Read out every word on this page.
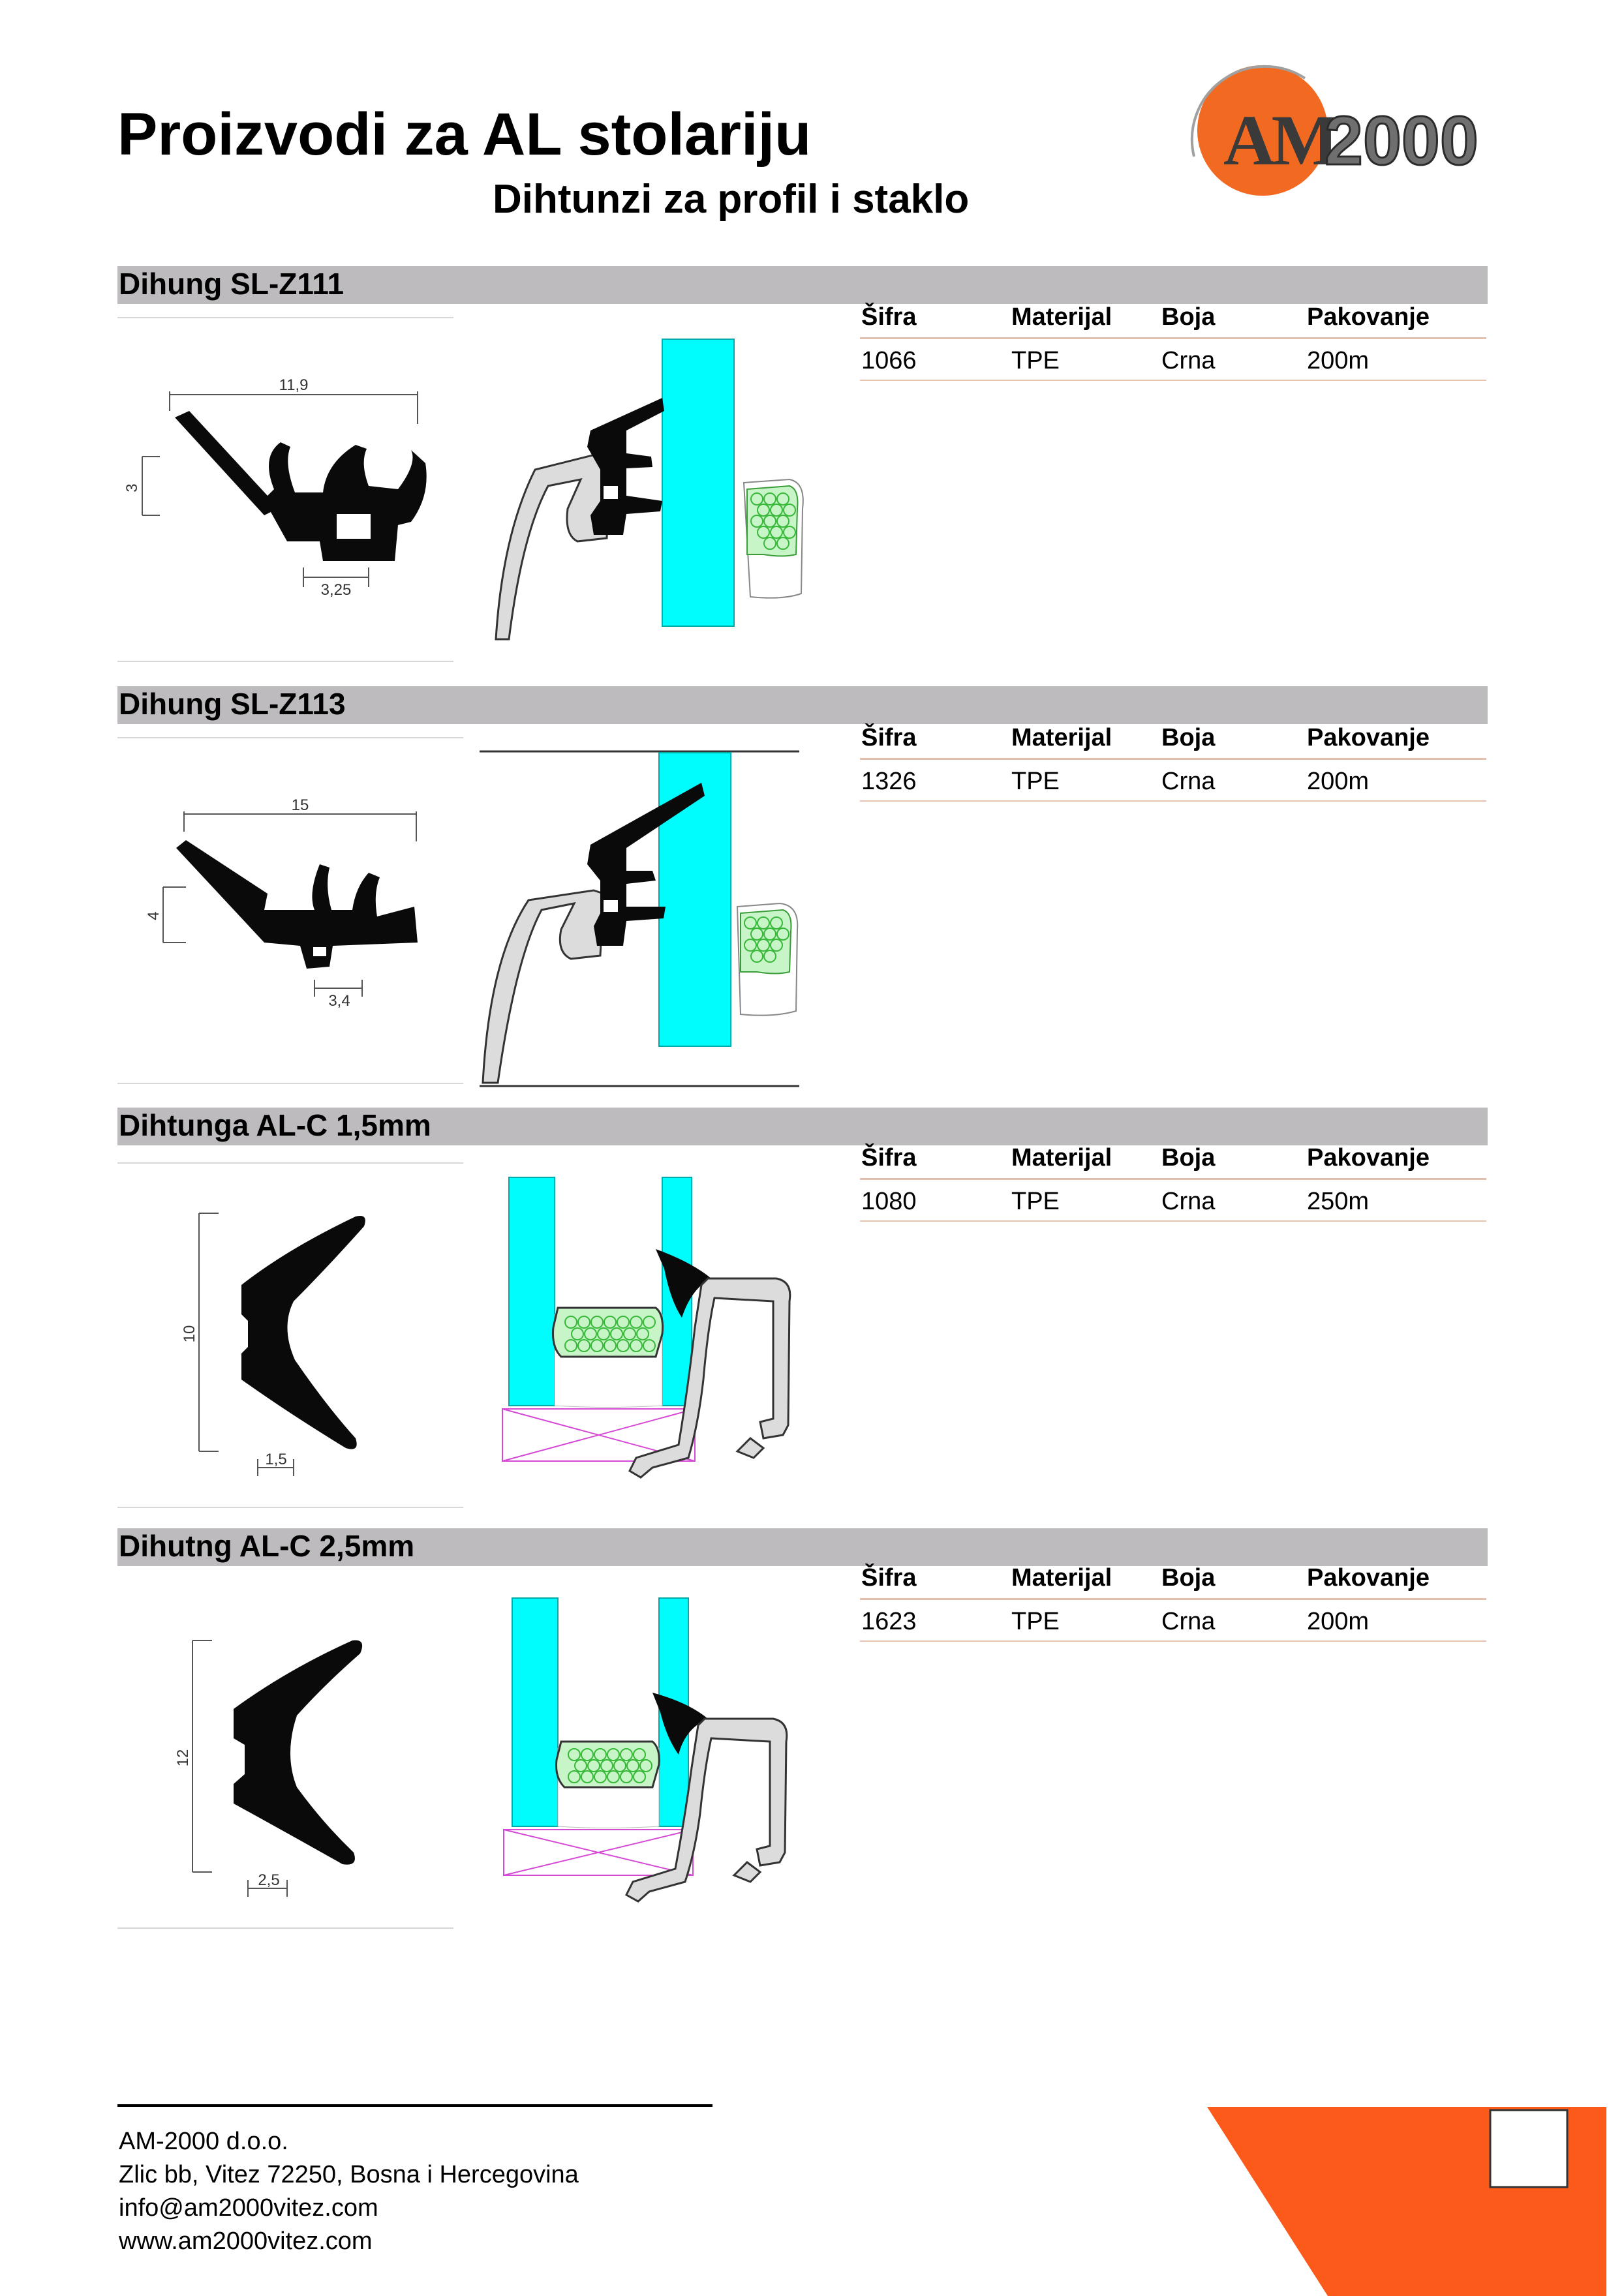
Proizvodi za AL stolariju
Dihtunzi za profil i staklo
AM
2000
Dihung SL-Z111
11,9
3
3,25
Šifra	Materijal Boja	Pakovanje
1066	TPE	Crna	200m
Dihung SL-Z113
15
4
3,4
Šifra	Materijal Boja	Pakovanje
1326	TPE	Crna	200m
Dihtunga AL-C 1,5mm
10
1,5
Šifra	Materijal Boja	Pakovanje
1080	TPE	Crna	250m
Dihutng AL-C 2,5mm
12
2,5
Šifra	Materijal Boja	Pakovanje
1623	TPE	Crna	200m
AM-2000 d.o.o.
Zlic bb, Vitez 72250, Bosna i Hercegovina
info@am2000vitez.com
www.am2000vitez.com
